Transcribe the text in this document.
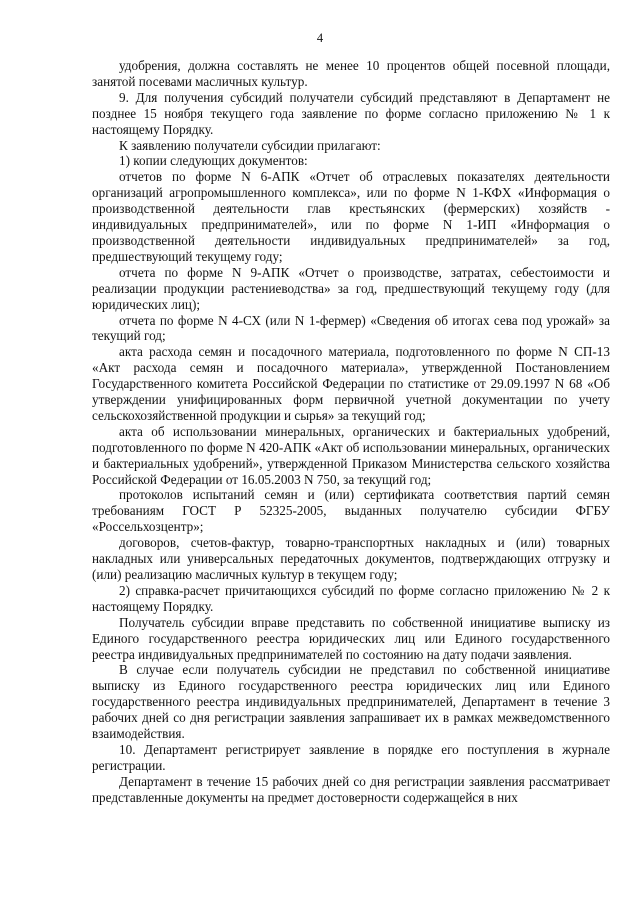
4

удобрения, должна составлять не менее 10 процентов общей посевной площади, занятой посевами масличных культур.

9. Для получения субсидий получатели субсидий представляют в Департамент не позднее 15 ноября текущего года заявление по форме согласно приложению № 1 к настоящему Порядку.

К заявлению получатели субсидии прилагают:

1) копии следующих документов:

отчетов по форме N 6-АПК «Отчет об отраслевых показателях деятельности организаций агропромышленного комплекса», или по форме N 1-КФХ «Информация о производственной деятельности глав крестьянских (фермерских) хозяйств - индивидуальных предпринимателей», или по форме N 1-ИП «Информация о производственной деятельности индивидуальных предпринимателей» за год, предшествующий текущему году;

отчета по форме N 9-АПК «Отчет о производстве, затратах, себестоимости и реализации продукции растениеводства» за год, предшествующий текущему году (для юридических лиц);

отчета по форме N 4-СХ (или N 1-фермер) «Сведения об итогах сева под урожай» за текущий год;

акта расхода семян и посадочного материала, подготовленного по форме N СП-13 «Акт расхода семян и посадочного материала», утвержденной Постановлением Государственного комитета Российской Федерации по статистике от 29.09.1997 N 68 «Об утверждении унифицированных форм первичной учетной документации по учету сельскохозяйственной продукции и сырья» за текущий год;

акта об использовании минеральных, органических и бактериальных удобрений, подготовленного по форме N 420-АПК «Акт об использовании минеральных, органических и бактериальных удобрений», утвержденной Приказом Министерства сельского хозяйства Российской Федерации от 16.05.2003 N 750, за текущий год;

протоколов испытаний семян и (или) сертификата соответствия партий семян требованиям ГОСТ Р 52325-2005, выданных получателю субсидии ФГБУ «Россельхозцентр»;

договоров, счетов-фактур, товарно-транспортных накладных и (или) товарных накладных или универсальных передаточных документов, подтверждающих отгрузку и (или) реализацию масличных культур в текущем году;

2) справка-расчет причитающихся субсидий по форме согласно приложению № 2 к настоящему Порядку.

Получатель субсидии вправе представить по собственной инициативе выписку из Единого государственного реестра юридических лиц или Единого государственного реестра индивидуальных предпринимателей по состоянию на дату подачи заявления.

В случае если получатель субсидии не представил по собственной инициативе выписку из Единого государственного реестра юридических лиц или Единого государственного реестра индивидуальных предпринимателей, Департамент в течение 3 рабочих дней со дня регистрации заявления запрашивает их в рамках межведомственного взаимодействия.

10. Департамент регистрирует заявление в порядке его поступления в журнале регистрации.

Департамент в течение 15 рабочих дней со дня регистрации заявления рассматривает представленные документы на предмет достоверности содержащейся в них
